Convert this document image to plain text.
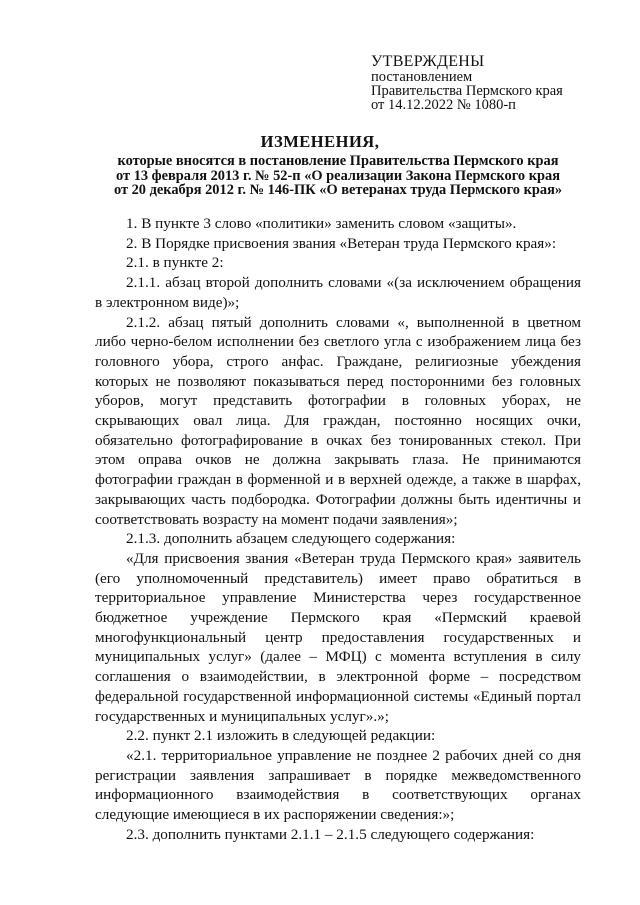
УТВЕРЖДЕНЫ
постановлением
Правительства Пермского края
от 14.12.2022 № 1080-п
ИЗМЕНЕНИЯ,
которые вносятся в постановление Правительства Пермского края
от 13 февраля 2013 г. № 52-п «О реализации Закона Пермского края
от 20 декабря 2012 г. № 146-ПК «О ветеранах труда Пермского края»

1. В пункте 3 слово «политики» заменить словом «защиты».

2. В Порядке присвоения звания «Ветеран труда Пермского края»:

2.1. в пункте 2:

2.1.1. абзац второй дополнить словами «(за исключением обращения в электронном виде)»;

2.1.2. абзац пятый дополнить словами «, выполненной в цветном либо черно-белом исполнении без светлого угла с изображением лица без головного убора, строго анфас. Граждане, религиозные убеждения которых не позволяют показываться перед посторонними без головных уборов, могут представить фотографии в головных уборах, не скрывающих овал лица. Для граждан, постоянно носящих очки, обязательно фотографирование в очках без тонированных стекол. При этом оправа очков не должна закрывать глаза. Не принимаются фотографии граждан в форменной и в верхней одежде, а также в шарфах, закрывающих часть подбородка. Фотографии должны быть идентичны и соответствовать возрасту на момент подачи заявления»;

2.1.3. дополнить абзацем следующего содержания:

«Для присвоения звания «Ветеран труда Пермского края» заявитель (его уполномоченный представитель) имеет право обратиться в территориальное управление Министерства через государственное бюджетное учреждение Пермского края «Пермский краевой многофункциональный центр предоставления государственных и муниципальных услуг» (далее – МФЦ) с момента вступления в силу соглашения о взаимодействии, в электронной форме – посредством федеральной государственной информационной системы «Единый портал государственных и муниципальных услуг».»;

2.2. пункт 2.1 изложить в следующей редакции:

«2.1. территориальное управление не позднее 2 рабочих дней со дня регистрации заявления запрашивает в порядке межведомственного информационного взаимодействия в соответствующих органах следующие имеющиеся в их распоряжении сведения:»;

2.3. дополнить пунктами 2.1.1 – 2.1.5 следующего содержания:
